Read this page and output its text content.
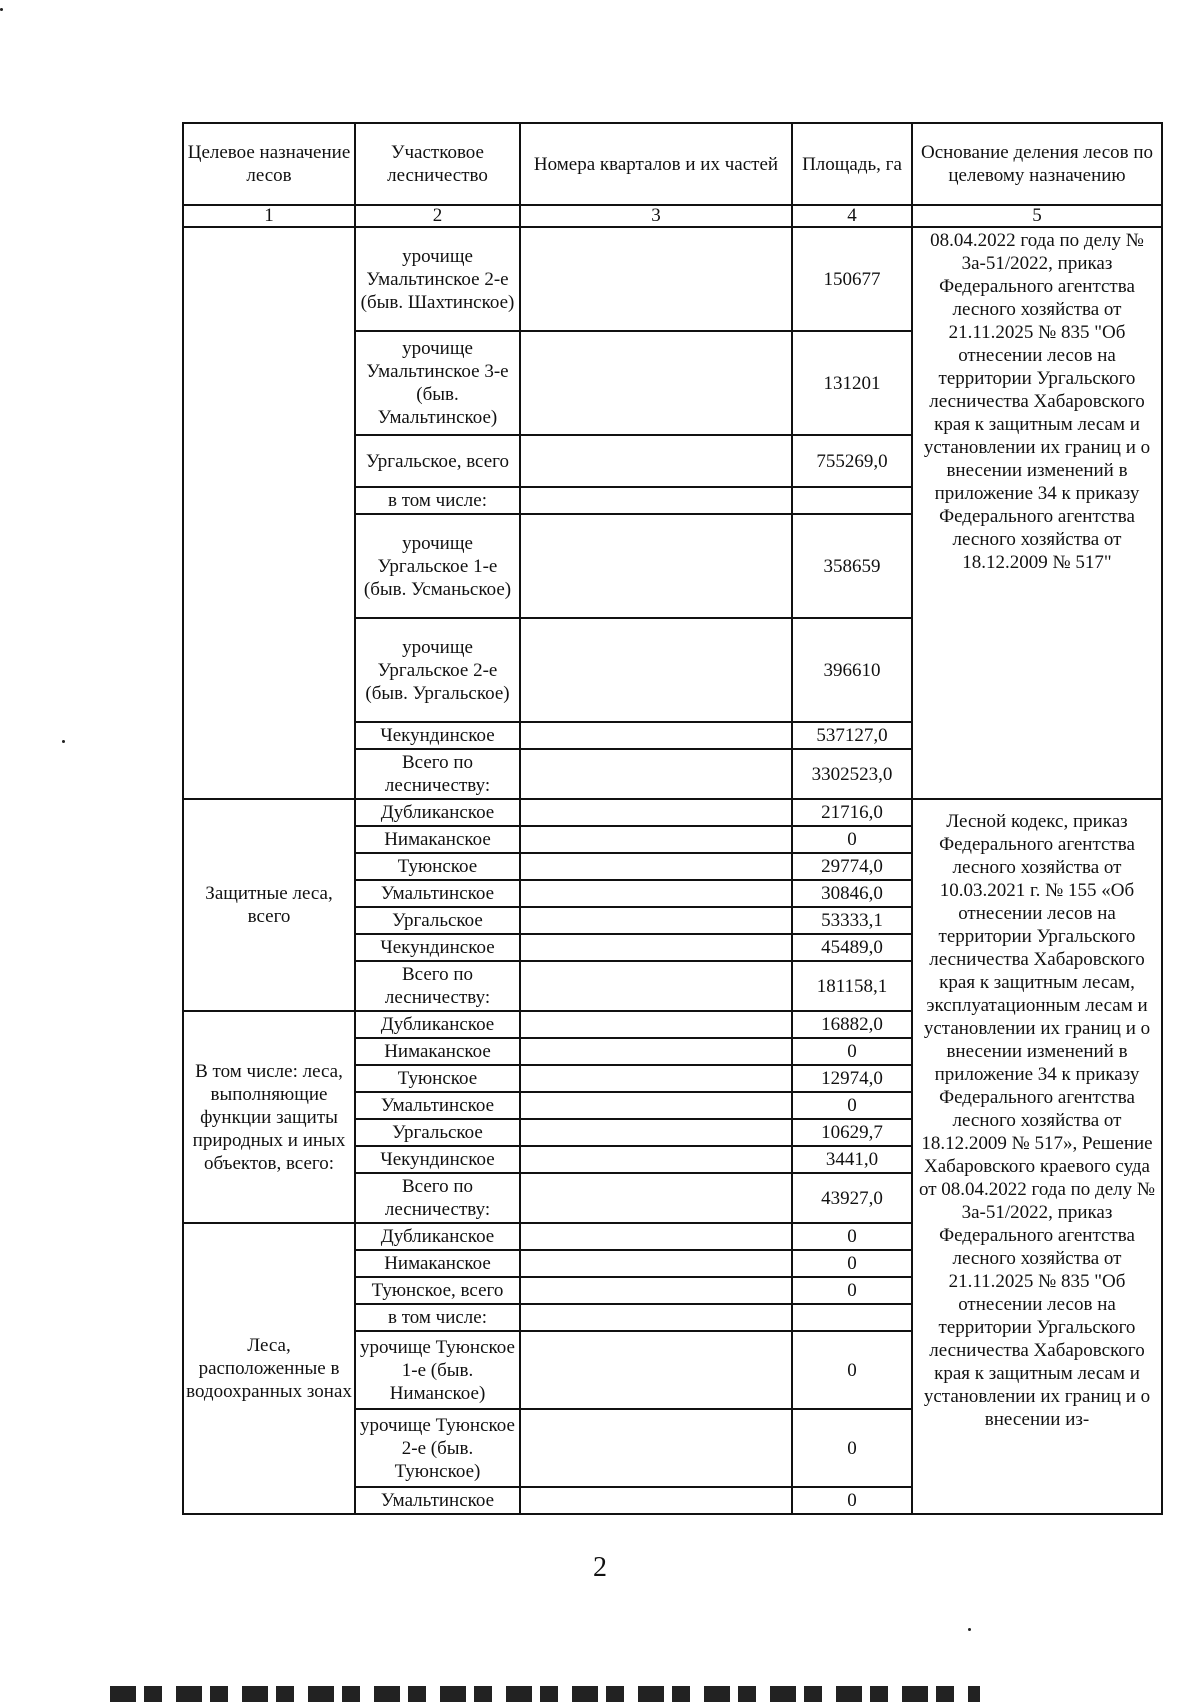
Целевое назначение лесов	Участковое лесничество	Номера кварталов и их частей	Площадь, га	Основание деления лесов по целевому назначению
1	2	3	4	5
	урочище Умальтинское 2-е (быв. Шахтинское)		150677	08.04.2022 года по делу № 3а-51/2022, приказ Федерального агентства лесного хозяйства от 21.11.2025 № 835 "Об отнесении лесов на территории Ургальского лесничества Хабаровского края к защитным лесам и установлении их границ и о внесении изменений в приложение 34 к приказу Федерального агентства лесного хозяйства от 18.12.2009 № 517"
	урочище Умальтинское 3-е (быв. Умальтинское)		131201	
	Ургальское, всего		755269,0	
	в том числе:			
	урочище Ургальское 1-е (быв. Усманьское)		358659	
	урочище Ургальское 2-е (быв. Ургальское)		396610	
	Чекундинское		537127,0	
	Всего по лесничеству:		3302523,0	
Защитные леса, всего	Дубликанское		21716,0	Лесной кодекс, приказ Федерального агентства лесного хозяйства от 10.03.2021 г. № 155 «Об отнесении лесов на территории Ургальского лесничества Хабаровского края к защитным лесам, эксплуатационным лесам и установлении их границ и о внесении изменений в приложение 34 к приказу Федерального агентства лесного хозяйства от 18.12.2009 № 517», Решение Хабаровского краевого суда от 08.04.2022 года по делу № 3а-51/2022, приказ Федерального агентства лесного хозяйства от 21.11.2025 № 835 "Об отнесении лесов на территории Ургальского лесничества Хабаровского края к защитным лесам и установлении их границ и о внесении из-
	Нимаканское		0	
	Туюнское		29774,0	
	Умальтинское		30846,0	
	Ургальское		53333,1	
	Чекундинское		45489,0	
	Всего по лесничеству:		181158,1	
В том числе: леса, выполняющие функции защиты природных и иных объектов, всего:	Дубликанское		16882,0	
	Нимаканское		0	
	Туюнское		12974,0	
	Умальтинское		0	
	Ургальское		10629,7	
	Чекундинское		3441,0	
	Всего по лесничеству:		43927,0	
Леса, расположенные в водоохранных зонах	Дубликанское		0	
	Нимаканское		0	
	Туюнское, всего		0	
	в том числе:			
	урочище Туюнское 1-е (быв. Ниманское)		0	
	урочище Туюнское 2-е (быв. Туюнское)		0	
	Умальтинское		0	
2
